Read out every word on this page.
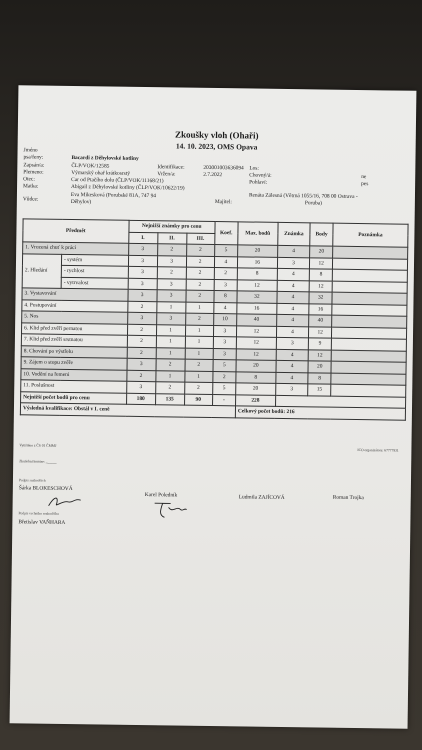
Zkoušky vloh (Ohaři)
14. 10. 2023, OMS Opava
Jméno
psa/feny:	Bacardi z Děhylovské kotliny
Zapsán/a:	ČLP/VOK/12585	Identifikace:	203001003636094 Los:
Plemeno:	Výmarský ohař krátkosrstý	Vržen/a:	2.7.2022	Chovný/á:	ne
Otec:	Car od Ptačího dolu (ČLP/VOK/11168/21)	Pohlaví:	pes
Matka:	Abigail z Děhylovské kotliny (ČLP/VOK/10622/19)
Eva Mikesková (Porubské 81A, 747 94
Vůdce:	Děhylov)	Majitel:
Renáta Zálesná (Větrná 1055/16, 708 00 Ostrava -
Poruba)
Předmět		Nejnižší známky pro cenu			Koef.	Max. bodů	Známka	Body	Poznámka
		I.	II.	III.					
1. Vrozená chuť k práci		3	2	2	5	20	4	20	
2. Hledání	- systém	3	3	2	4	16	3	12	
	- rychlost	3	2	2	2	8	4	8	
	- vytrvalost	3	3	2	3	12	4	12	
3. Vystavování		3	3	2	8	32	4	32	
4. Postupování		2	1	1	4	16	4	16	
5. Nos		3	3	2	10	40	4	40	
6. Klid před zvěří pernatou		2	1	1	3	12	4	12	
7. Klid před zvěří srstnatou		2	1	1	3	12	3	9	
8. Chování po výstřelu		2	1	1	3	12	4	12	
9. Zájem o stopu zvěře		3	2	2	5	20	4	20	
10. Vodění na řemeni		2	1	1	2	8	4	8	
11. Poslušnost		3	2	2	5	20	3	15	
Nejnižší počet bodů pro cenu		180	135	90	-	228			
Výsledná kvalifikace: Obstál v I. ceně						Celkový počet bodů: 216			
Vytištěno z ČS 01 ČMMJ
ICO organizátora: 67777931
Zkušební komise: ______
Podpis rozhodčích
Šárka BLOKESCHOVÁ
Karel Poledník	Ludmila ZAJÍCOVÁ	Roman Trojka
Podpis vrchního rozhodčího
Břetislav VAŇHARA
